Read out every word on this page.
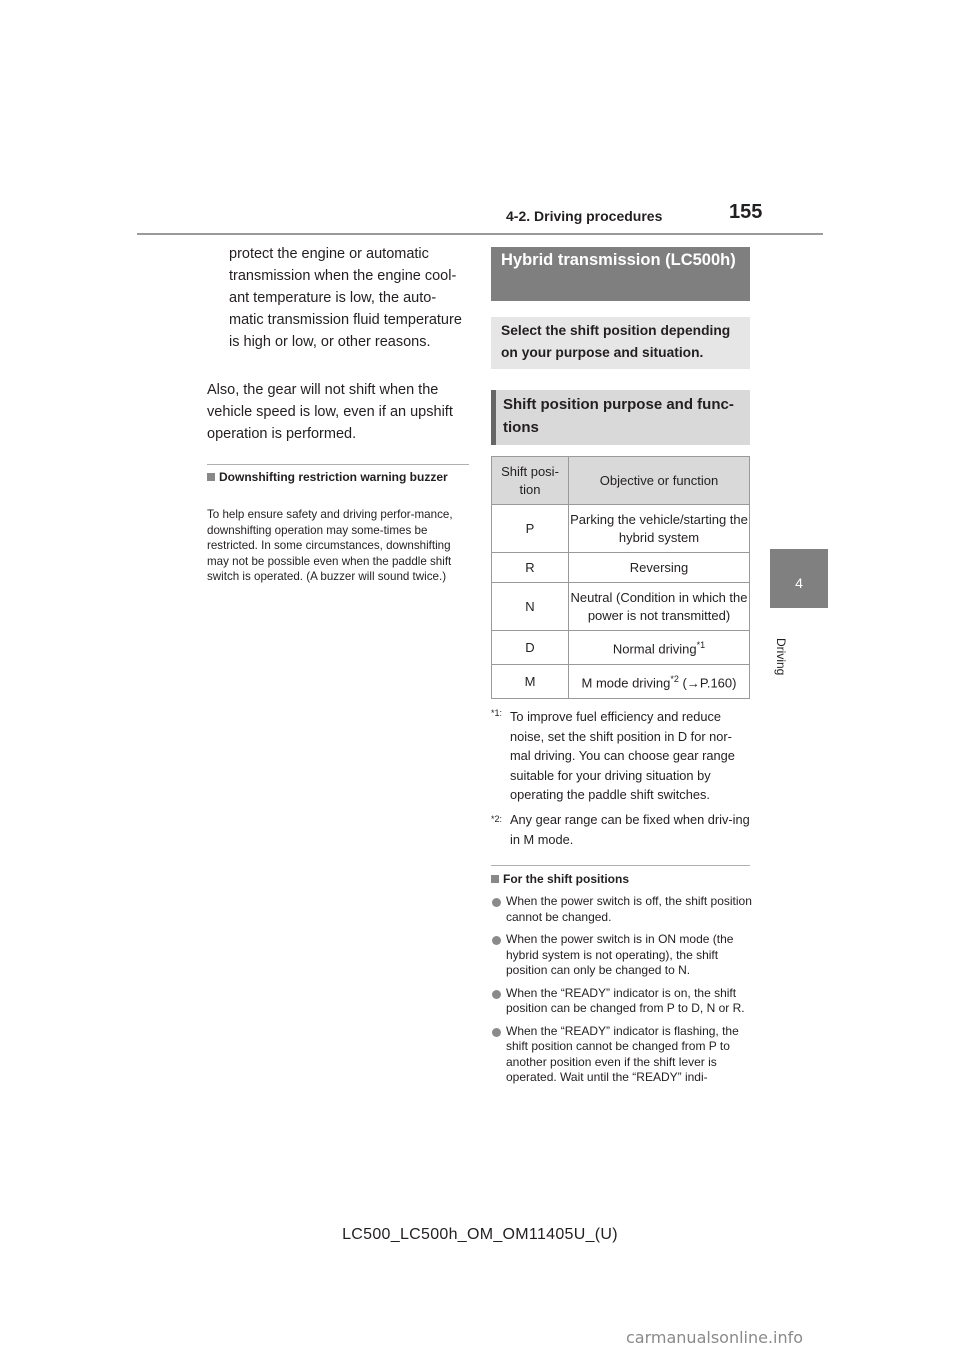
4-2. Driving procedures	155
4
Driving
protect the engine or automatic transmission when the engine cool-ant temperature is low, the auto-matic transmission fluid temperature is high or low, or other reasons.
Also, the gear will not shift when the vehicle speed is low, even if an upshift operation is performed.
Downshifting restriction warning buzzer
To help ensure safety and driving perfor-mance, downshifting operation may some-times be restricted. In some circumstances, downshifting may not be possible even when the paddle shift switch is operated. (A buzzer will sound twice.)
Hybrid transmission (LC500h)
Select the shift position depending on your purpose and situation.
Shift position purpose and func-tions
Shift posi-tion	Objective or function
P	Parking the vehicle/starting the hybrid system
R	Reversing
N	Neutral (Condition in which the power is not transmitted)
D	Normal driving$^{*1}$
M	M mode driving$^{*2}$ (→P.160)
$^{*1:}$ To improve fuel efficiency and reduce noise, set the shift position in D for nor-mal driving. You can choose gear range suitable for your driving situation by operating the paddle shift switches.
$^{*2:}$ Any gear range can be fixed when driv-ing in M mode.
For the shift positions
When the power switch is off, the shift position cannot be changed.
When the power switch is in ON mode (the hybrid system is not operating), the shift position can only be changed to N.
When the “READY” indicator is on, the shift position can be changed from P to D, N or R.
When the “READY” indicator is flashing, the shift position cannot be changed from P to another position even if the shift lever is operated. Wait until the “READY” indi-
LC500_LC500h_OM_OM11405U_(U)
carmanualsonline.info
